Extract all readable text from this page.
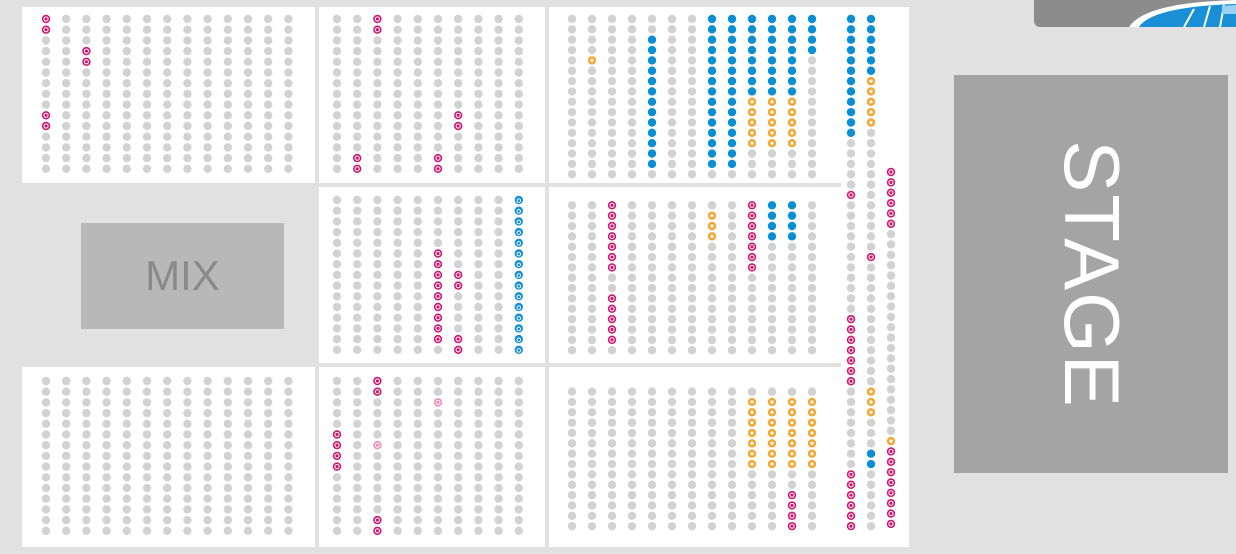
MIX	STAGE
